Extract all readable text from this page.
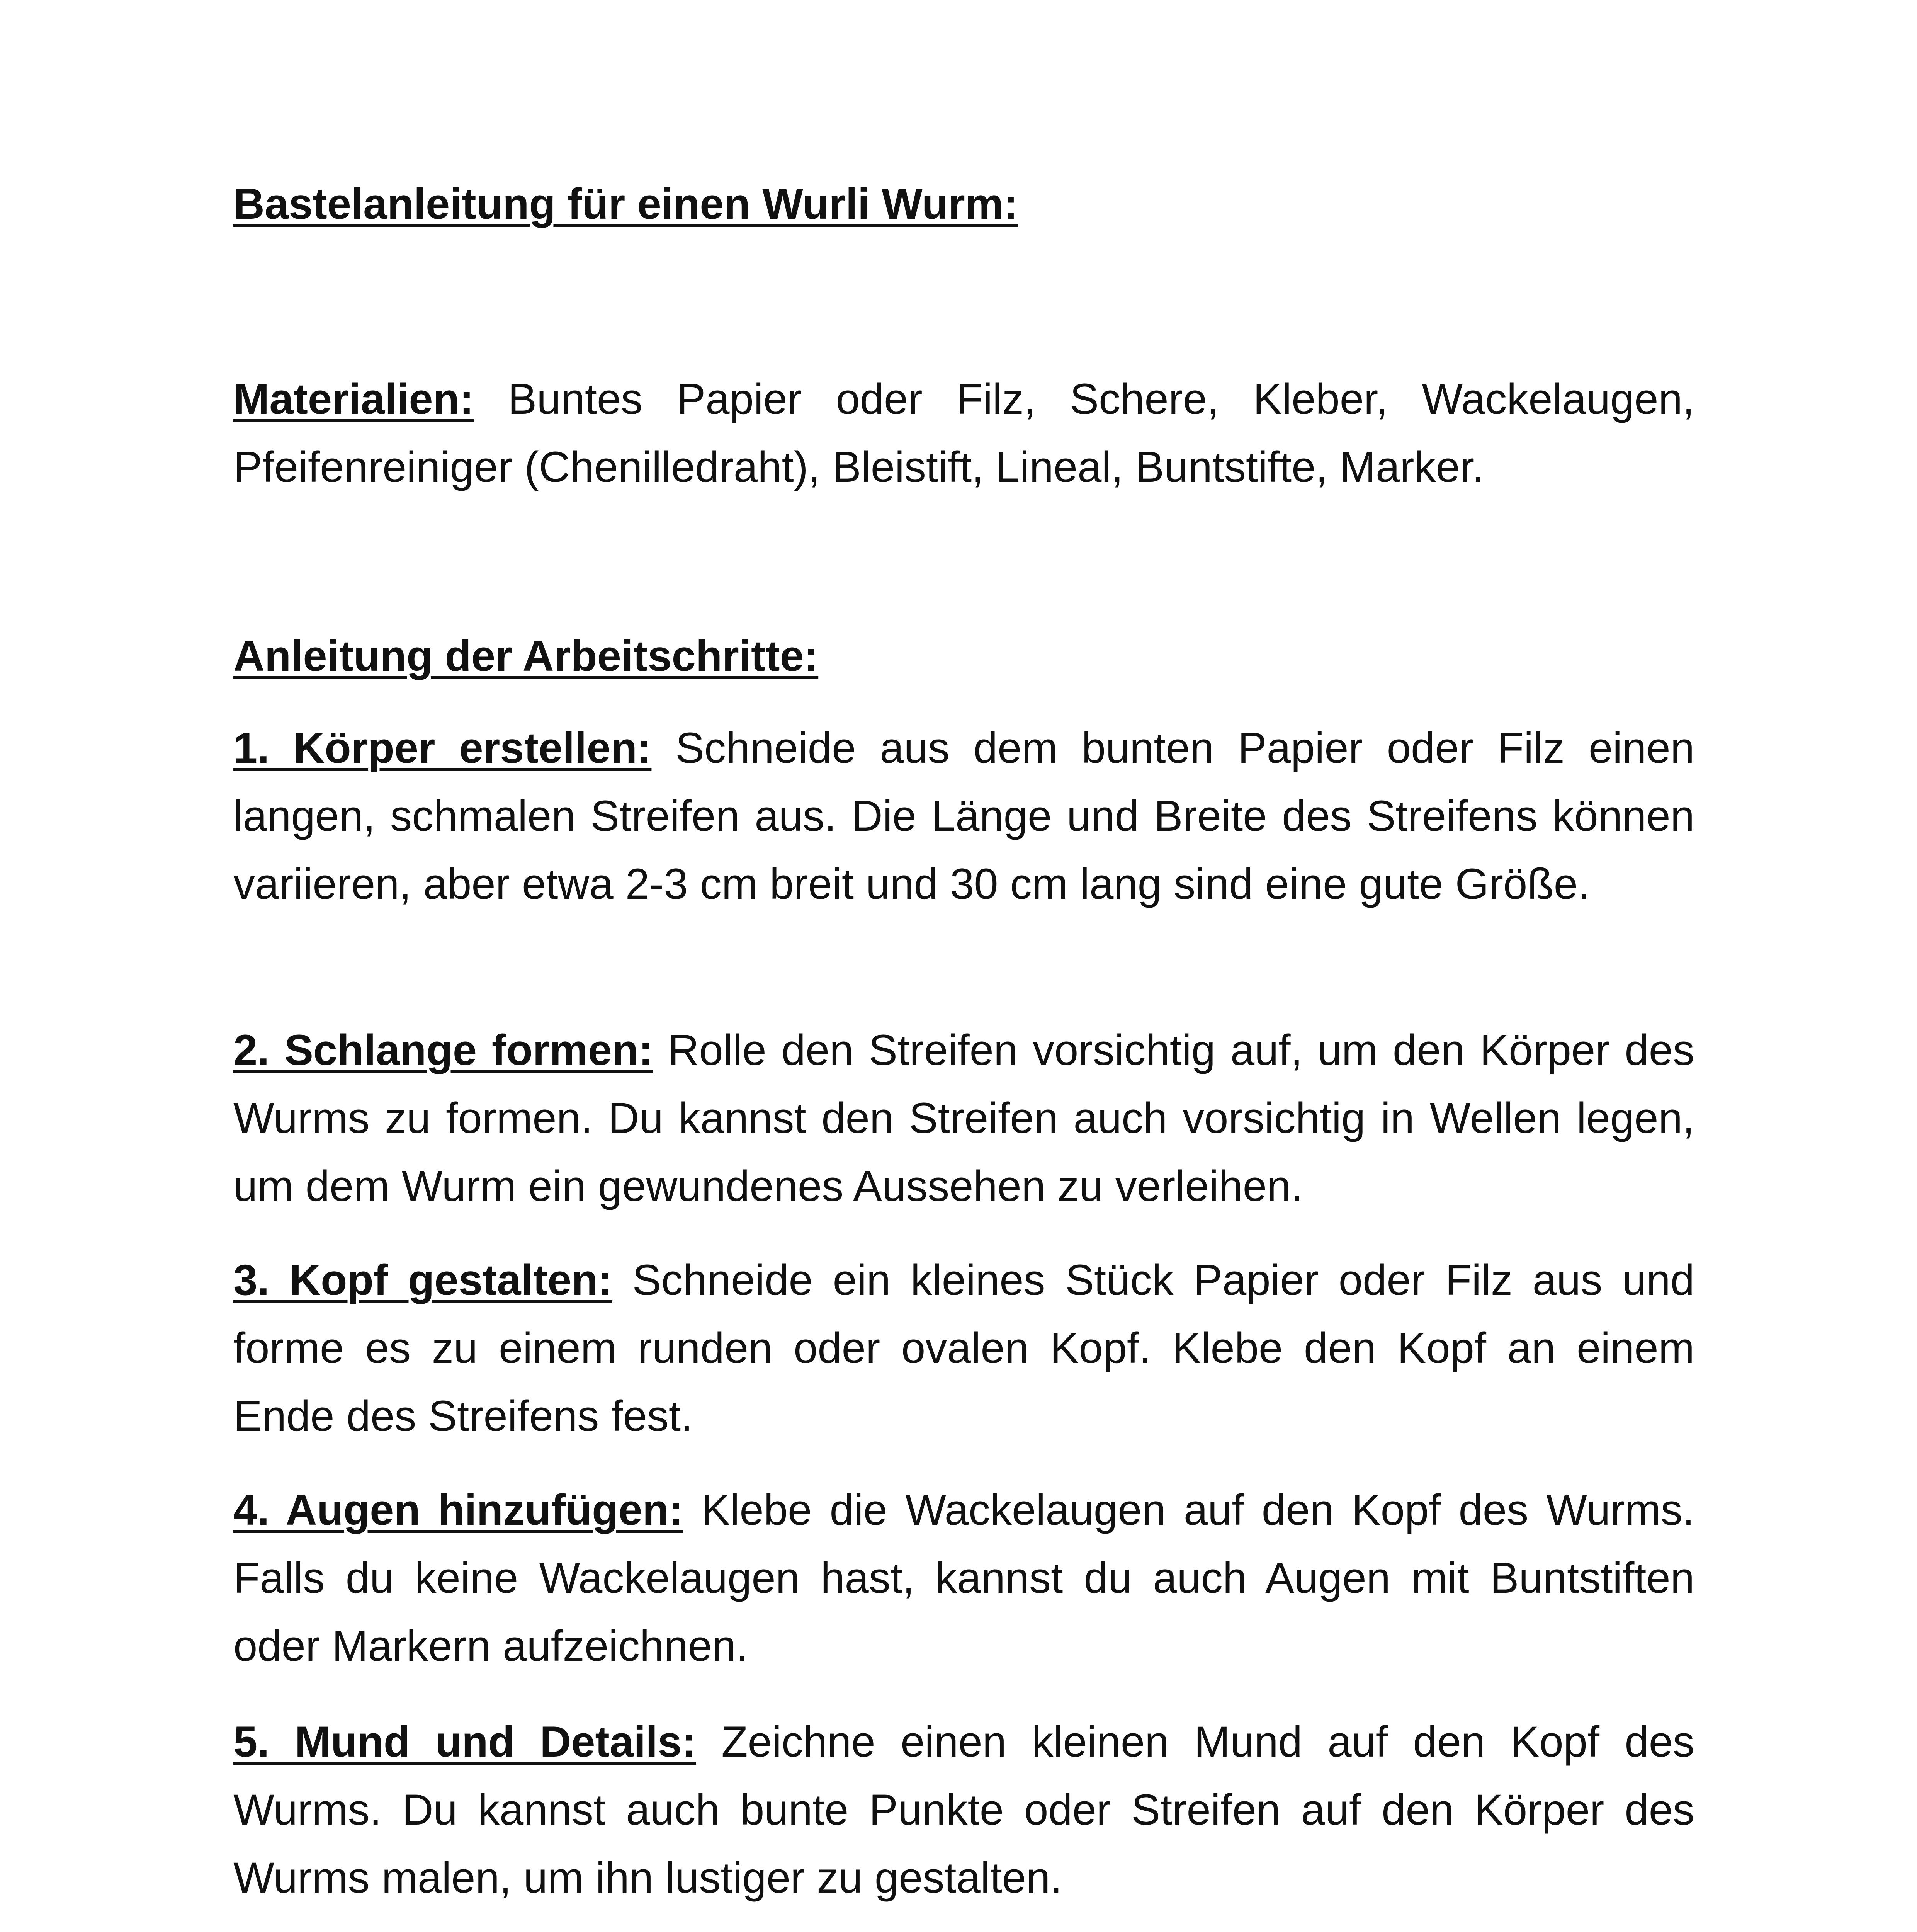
Bastelanleitung für einen Wurli Wurm:

Materialien: Buntes Papier oder Filz, Schere, Kleber, Wackelaugen, Pfeifenreiniger (Chenilledraht), Bleistift, Lineal, Buntstifte, Marker.

Anleitung der Arbeitschritte:

1. Körper erstellen: Schneide aus dem bunten Papier oder Filz einen langen, schmalen Streifen aus. Die Länge und Breite des Streifens können variieren, aber etwa 2-3 cm breit und 30 cm lang sind eine gute Größe.

2. Schlange formen: Rolle den Streifen vorsichtig auf, um den Körper des Wurms zu formen. Du kannst den Streifen auch vorsichtig in Wellen legen, um dem Wurm ein gewundenes Aussehen zu verleihen.

3. Kopf gestalten: Schneide ein kleines Stück Papier oder Filz aus und forme es zu einem runden oder ovalen Kopf. Klebe den Kopf an einem Ende des Streifens fest.

4. Augen hinzufügen: Klebe die Wackelaugen auf den Kopf des Wurms. Falls du keine Wackelaugen hast, kannst du auch Augen mit Buntstiften oder Markern aufzeichnen.

5. Mund und Details: Zeichne einen kleinen Mund auf den Kopf des Wurms. Du kannst auch bunte Punkte oder Streifen auf den Körper des Wurms malen, um ihn lustiger zu gestalten.
